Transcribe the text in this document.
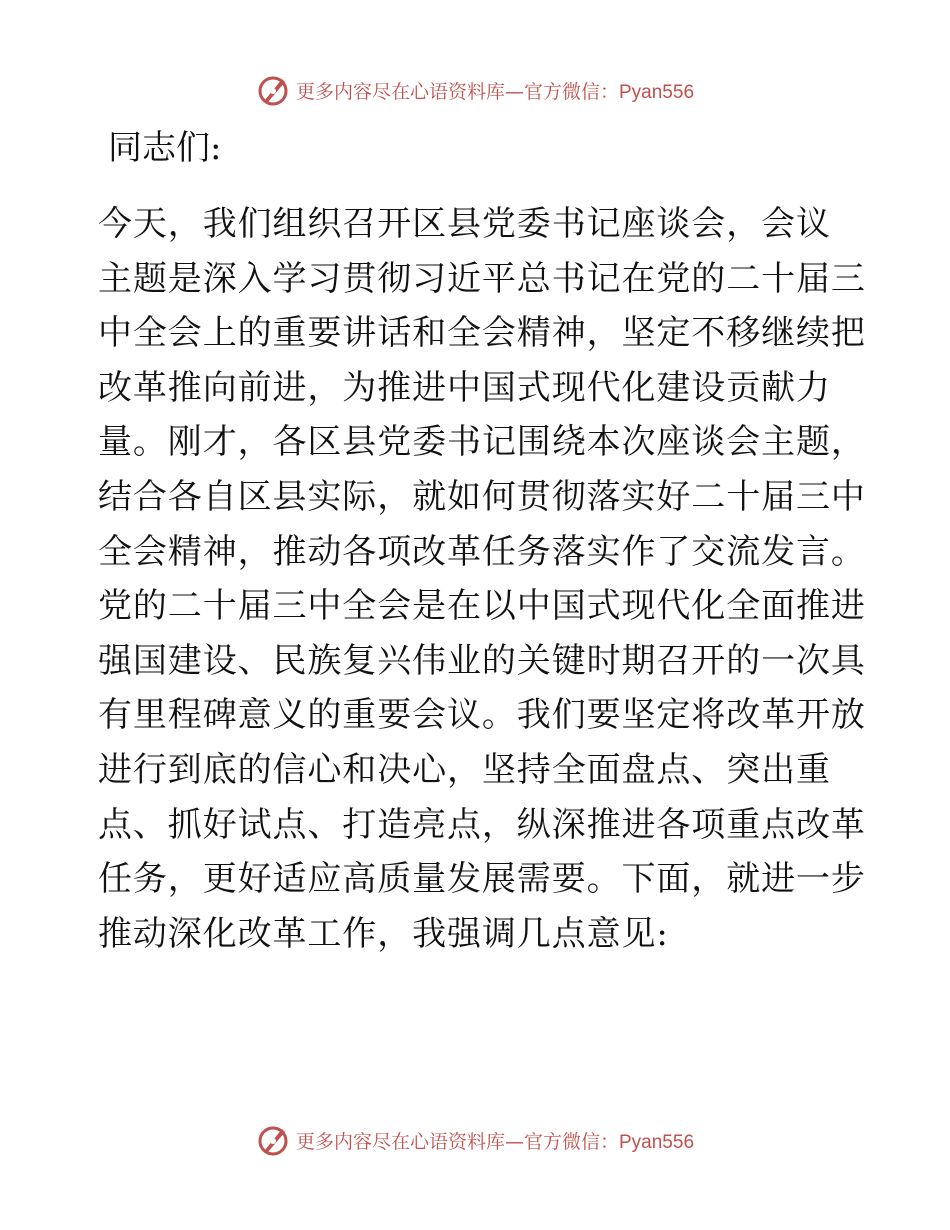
更多内容尽在心语资料库—官方微信：Pyan556
同志们:
今天，我们组织召开区县党委书记座谈会，会议
主题是深入学习贯彻习近平总书记在党的二十届三
中全会上的重要讲话和全会精神，坚定不移继续把
改革推向前进，为推进中国式现代化建设贡献力
量。刚才，各区县党委书记围绕本次座谈会主题，
结合各自区县实际，就如何贯彻落实好二十届三中
全会精神，推动各项改革任务落实作了交流发言。
党的二十届三中全会是在以中国式现代化全面推进
强国建设、民族复兴伟业的关键时期召开的一次具
有里程碑意义的重要会议。我们要坚定将改革开放
进行到底的信心和决心，坚持全面盘点、突出重
点、抓好试点、打造亮点，纵深推进各项重点改革
任务，更好适应高质量发展需要。下面，就进一步
推动深化改革工作，我强调几点意见:
更多内容尽在心语资料库—官方微信：Pyan556
